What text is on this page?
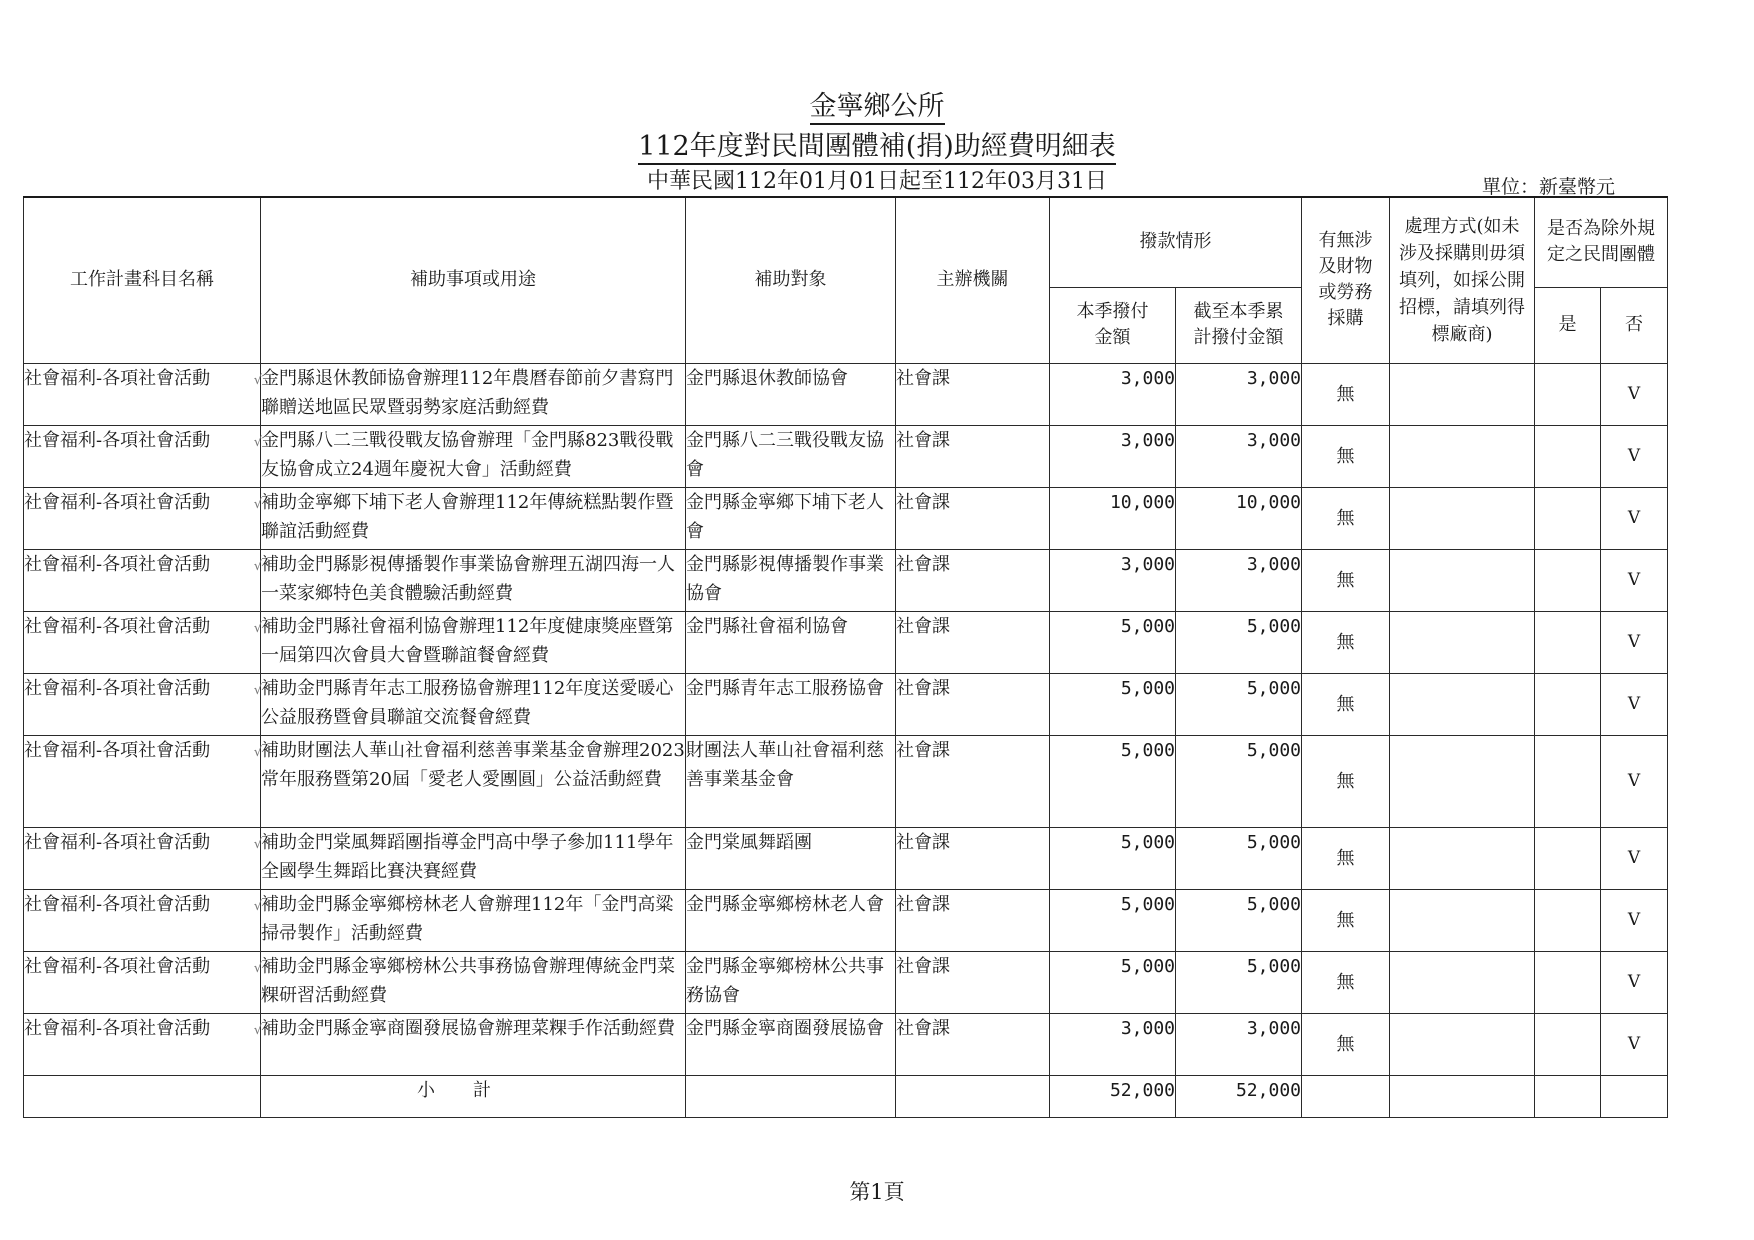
金寧鄉公所
112年度對民間團體補(捐)助經費明細表
中華民國112年01月01日起至112年03月31日	單位：新臺幣元
工作計畫科目名稱	補助事項或用途	補助對象	主辦機關	撥款情形		有無涉及財物或勞務採購	處理方式(如未涉及採購則毋須填列，如採公開招標，請填列得標廠商)	是否為除外規定之民間團體	
				本季撥付金額	截至本季累計撥付金額			是	否
社會福利-各項社會活動 √	金門縣退休教師協會辦理112年農曆春節前夕書寫門聯贈送地區民眾暨弱勢家庭活動經費	金門縣退休教師協會	社會課	3,000	3,000	無			V
社會福利-各項社會活動 √	金門縣八二三戰役戰友協會辦理「金門縣823戰役戰友協會成立24週年慶祝大會」活動經費	金門縣八二三戰役戰友協會	社會課	3,000	3,000	無			V
社會福利-各項社會活動 √	補助金寧鄉下埔下老人會辦理112年傳統糕點製作暨聯誼活動經費	金門縣金寧鄉下埔下老人會	社會課	10,000	10,000	無			V
社會福利-各項社會活動 √	補助金門縣影視傳播製作事業協會辦理五湖四海一人一菜家鄉特色美食體驗活動經費	金門縣影視傳播製作事業協會	社會課	3,000	3,000	無			V
社會福利-各項社會活動 √	補助金門縣社會福利協會辦理112年度健康獎座暨第一屆第四次會員大會暨聯誼餐會經費	金門縣社會福利協會	社會課	5,000	5,000	無			V
社會福利-各項社會活動 √	補助金門縣青年志工服務協會辦理112年度送愛暖心公益服務暨會員聯誼交流餐會經費	金門縣青年志工服務協會	社會課	5,000	5,000	無			V
社會福利-各項社會活動 √	補助財團法人華山社會福利慈善事業基金會辦理2023常年服務暨第20屆「愛老人愛團圓」公益活動經費	財團法人華山社會福利慈善事業基金會	社會課	5,000	5,000	無			V
社會福利-各項社會活動 √	補助金門棠風舞蹈團指導金門高中學子參加111學年全國學生舞蹈比賽決賽經費	金門棠風舞蹈團	社會課	5,000	5,000	無			V
社會福利-各項社會活動 √	補助金門縣金寧鄉榜林老人會辦理112年「金門高粱掃帚製作」活動經費	金門縣金寧鄉榜林老人會	社會課	5,000	5,000	無			V
社會福利-各項社會活動 √	補助金門縣金寧鄉榜林公共事務協會辦理傳統金門菜粿研習活動經費	金門縣金寧鄉榜林公共事務協會	社會課	5,000	5,000	無			V
社會福利-各項社會活動 √	補助金門縣金寧商圈發展協會辦理菜粿手作活動經費	金門縣金寧商圈發展協會	社會課	3,000	3,000	無			V
	小計			52,000	52,000				
第1頁
